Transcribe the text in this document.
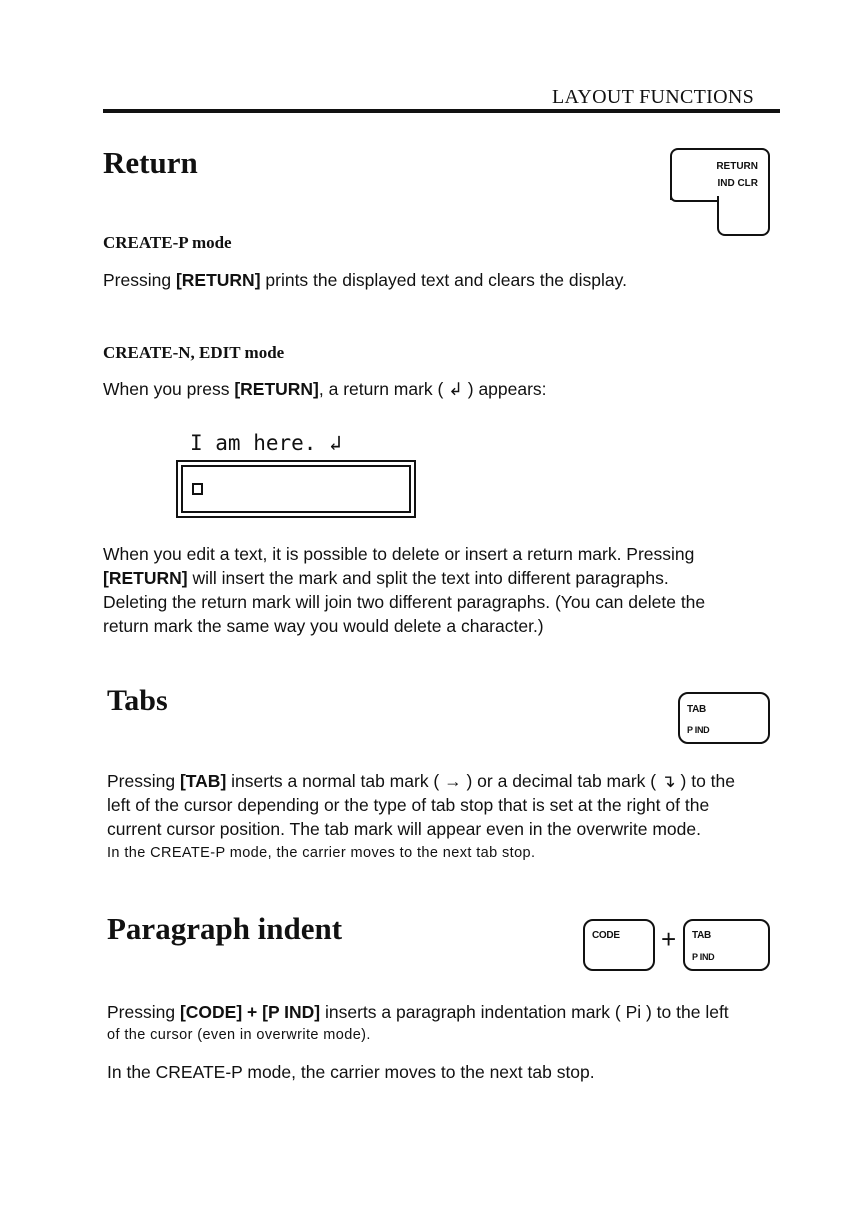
LAYOUT FUNCTIONS
Return	RETURN
IND CLR
CREATE-P mode
Pressing [RETURN] prints the displayed text and clears the display.
CREATE-N, EDIT mode
When you press [RETURN], a return mark ( ↲ ) appears:
I am here. ↲
When you edit a text, it is possible to delete or insert a return mark. Pressing
[RETURN] will insert the mark and split the text into different paragraphs.
Deleting the return mark will join two different paragraphs. (You can delete the
return mark the same way you would delete a character.)
Tabs	TAB
P IND
Pressing [TAB] inserts a normal tab mark ( → ) or a decimal tab mark ( ↴ ) to the
left of the cursor depending or the type of tab stop that is set at the right of the
current cursor position. The tab mark will appear even in the overwrite mode.
In the CREATE-P mode, the carrier moves to the next tab stop.
Paragraph indent	CODE + TAB
P IND
Pressing [CODE] + [P IND] inserts a paragraph indentation mark ( Pi ) to the left
of the cursor (even in overwrite mode).
In the CREATE-P mode, the carrier moves to the next tab stop.
